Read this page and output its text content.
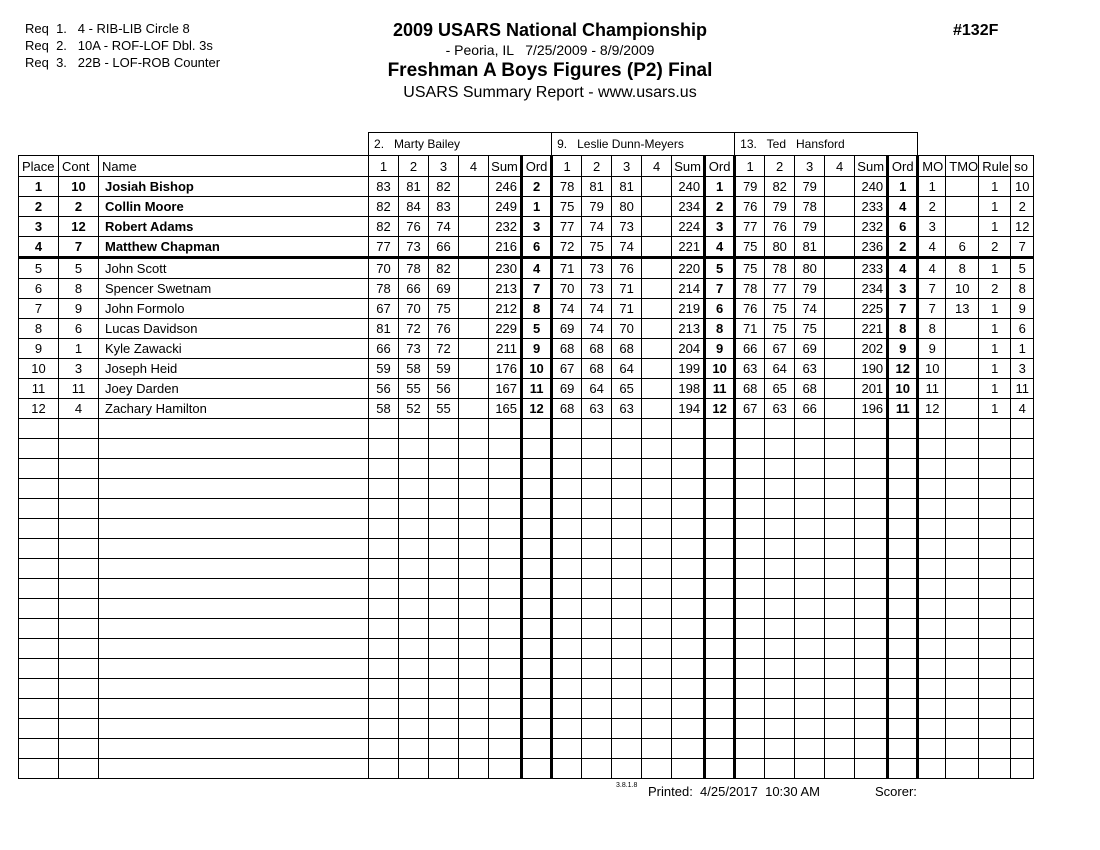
Req  1.   4 - RIB-LIB Circle 8
Req  2.   10A - ROF-LOF Dbl. 3s
Req  3.   22B - LOF-ROB Counter
2009 USARS National Championship
- Peoria, IL   7/25/2009 - 8/9/2009
Freshman A Boys Figures (P2) Final
USARS Summary Report - www.usars.us
#132F
			2.   Marty Bailey						9.   Leslie Dunn-Meyers						13.   Ted   Hansford									
Place	Cont	Name	1	2	3	4	Sum	Ord	1	2	3	4	Sum	Ord	1	2	3	4	Sum	Ord	MO	TMO	Rule	so
1	10	Josiah Bishop	83	81	82		246	2	78	81	81		240	1	79	82	79		240	1	1		1	10
2	2	Collin Moore	82	84	83		249	1	75	79	80		234	2	76	79	78		233	4	2		1	2
3	12	Robert Adams	82	76	74		232	3	77	74	73		224	3	77	76	79		232	6	3		1	12
4	7	Matthew Chapman	77	73	66		216	6	72	75	74		221	4	75	80	81		236	2	4	6	2	7
5	5	John Scott	70	78	82		230	4	71	73	76		220	5	75	78	80		233	4	4	8	1	5
6	8	Spencer Swetnam	78	66	69		213	7	70	73	71		214	7	78	77	79		234	3	7	10	2	8
7	9	John Formolo	67	70	75		212	8	74	74	71		219	6	76	75	74		225	7	7	13	1	9
8	6	Lucas Davidson	81	72	76		229	5	69	74	70		213	8	71	75	75		221	8	8		1	6
9	1	Kyle Zawacki	66	73	72		211	9	68	68	68		204	9	66	67	69		202	9	9		1	1
10	3	Joseph Heid	59	58	59		176	10	67	68	64		199	10	63	64	63		190	12	10		1	3
11	11	Joey Darden	56	55	56		167	11	69	64	65		198	11	68	65	68		201	10	11		1	11
12	4	Zachary Hamilton	58	52	55		165	12	68	63	63		194	12	67	63	66		196	11	12		1	4

3.8.1.8 Printed:  4/25/2017  10:30 AM	Scorer:
